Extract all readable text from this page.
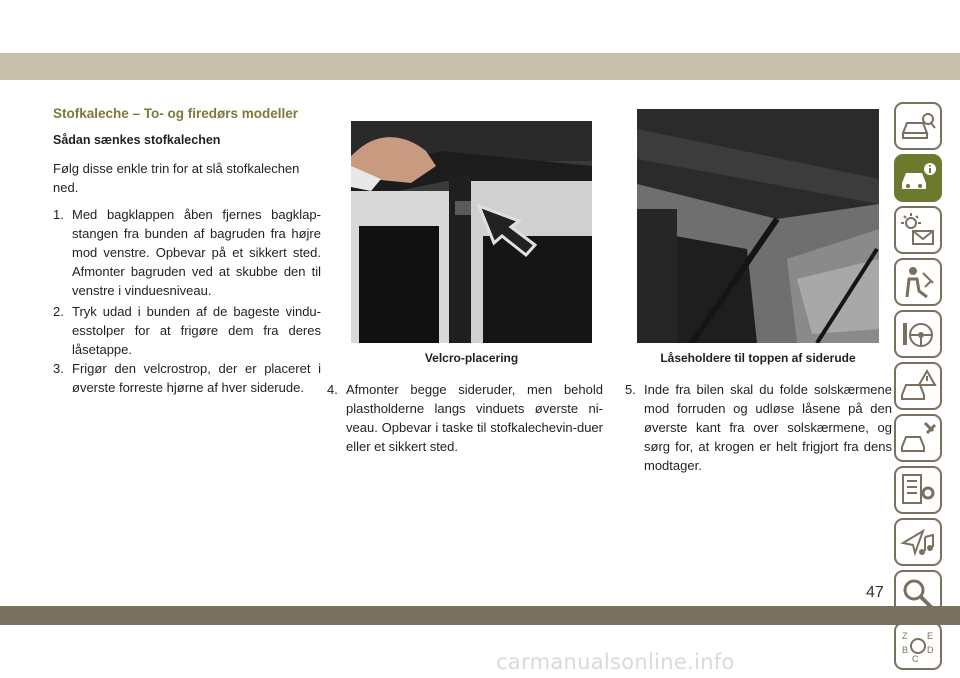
Stofkaleche – To- og firedørs modeller
Sådan sænkes stofkalechen
Følg disse enkle trin for at slå stofkalechen ned.
1. Med bagklappen åben fjernes bagklap-stangen fra bunden af bagruden fra højre mod venstre. Opbevar på et sikkert sted. Afmonter bagruden ved at skubbe den til venstre i vinduesniveau.
2. Tryk udad i bunden af de bageste vindu-esstolper for at frigøre dem fra deres låsetappe.
3. Frigør den velcrostrop, der er placeret i øverste forreste hjørne af hver siderude.
Velcro-placering
4. Afmonter begge sideruder, men behold plastholderne langs vinduets øverste ni-veau. Opbevar i taske til stofkalechevin-duer eller et sikkert sted.
Låseholdere til toppen af siderude
5. Inde fra bilen skal du folde solskærmene mod forruden og udløse låsene på den øverste kant fra over solskærmene, og sørg for, at krogen er helt frigjort fra dens modtager.
Z E
B D
C
47
carmanualsonline.info
